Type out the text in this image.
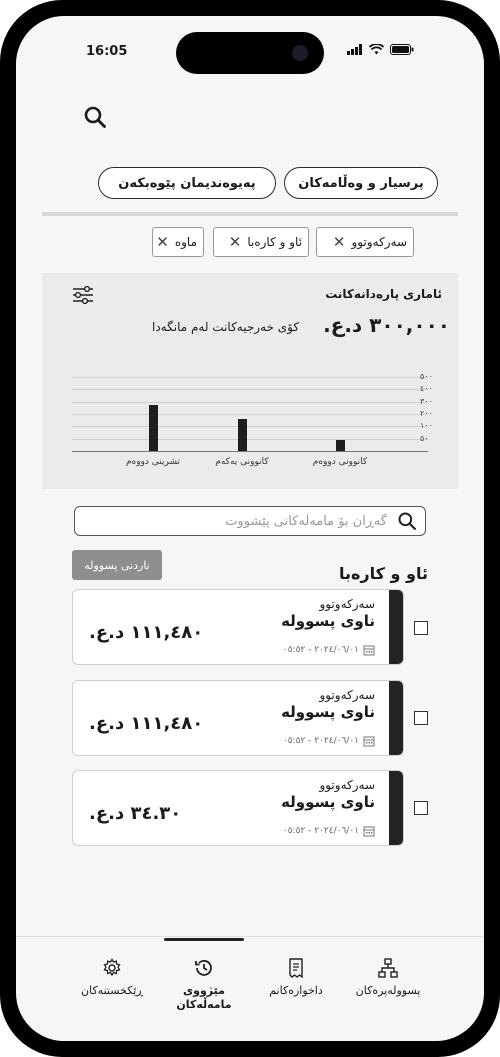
16:05
پرسیار و وەڵامەکان
پەیوەندیمان پێوەبکەن
سەرکەوتوو
✕
ئاو و کارەبا
✕
ماوە
✕
ئاماری پارەدانەکانت
٣٠٠,٠٠٠ د.ع.
کۆی خەرجیەکانت لەم مانگەدا
٥٠٠
٤٠٠
٣٠٠
٢٠٠
١٠٠
٥٠
تشرینی دووەم	کانوونی یەکەم	کانوونی دووەم
گەڕان بۆ مامەڵەکانی پێشووت
ناردنی پسوولە	ئاو و کارەبا
سەرکەوتوو
ناوی پسوولە
٢٠٢٤/٠٦/٠١ - ٠٥:٥٢
١١١,٤٨٠ د.ع.
سەرکەوتوو
ناوی پسوولە
٢٠٢٤/٠٦/٠١ - ٠٥:٥٢
١١١,٤٨٠ د.ع.
سەرکەوتوو
ناوی پسوولە
٢٠٢٤/٠٦/٠١ - ٠٥:٥٢
٣٤.٣٠ د.ع.
پسوولەپرەکان
داخوازەکانم
مێژووی مامەڵەکان
ڕێکخستنەکان
